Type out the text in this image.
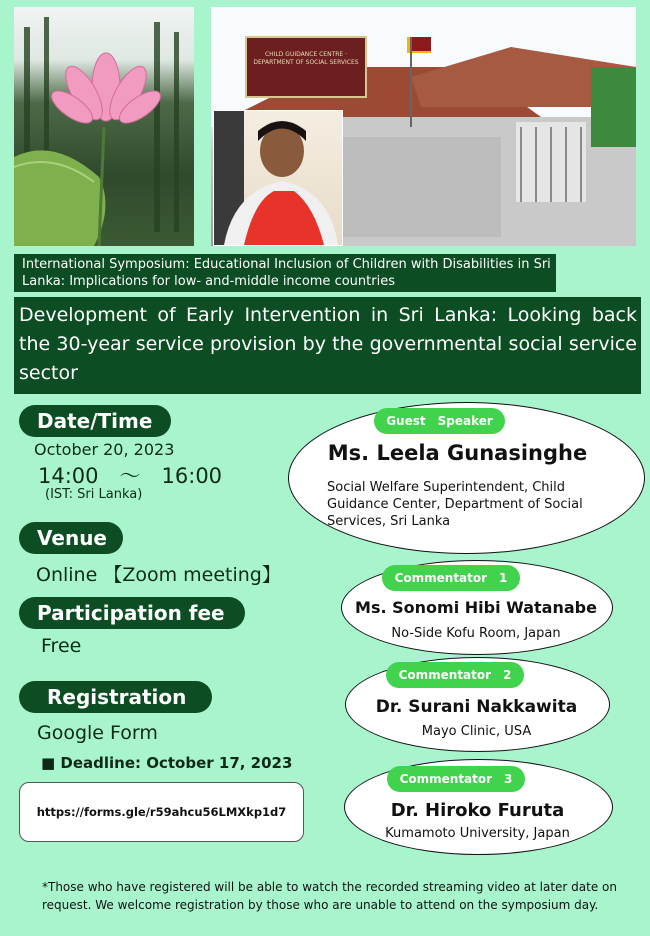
CHILD GUIDANCE CENTRE · DEPARTMENT OF SOCIAL SERVICES
International Symposium: Educational Inclusion of Children with Disabilities in Sri Lanka: Implications for low- and-middle income countries
Development of Early Intervention in Sri Lanka: Looking back the 30-year service provision by the governmental social service sector
Date/Time
October 20, 2023
14:00　～　16:00
(IST: Sri Lanka)
Venue
Online 【Zoom meeting】
Participation fee
Free
Registration
Google Form
■ Deadline: October 17, 2023
https://forms.gle/r59ahcu56LMXkp1d7
Guest　Speaker
Ms. Leela Gunasinghe
Social Welfare Superintendent, Child Guidance Center, Department of Social Services, Sri Lanka
Commentator　1
Ms. Sonomi Hibi Watanabe
No-Side Kofu Room, Japan
Commentator　2
Dr. Surani Nakkawita
Mayo Clinic, USA
Commentator　3
Dr. Hiroko Furuta
Kumamoto University, Japan
*Those who have registered will be able to watch the recorded streaming video at later date on request. We welcome registration by those who are unable to attend on the symposium day.
